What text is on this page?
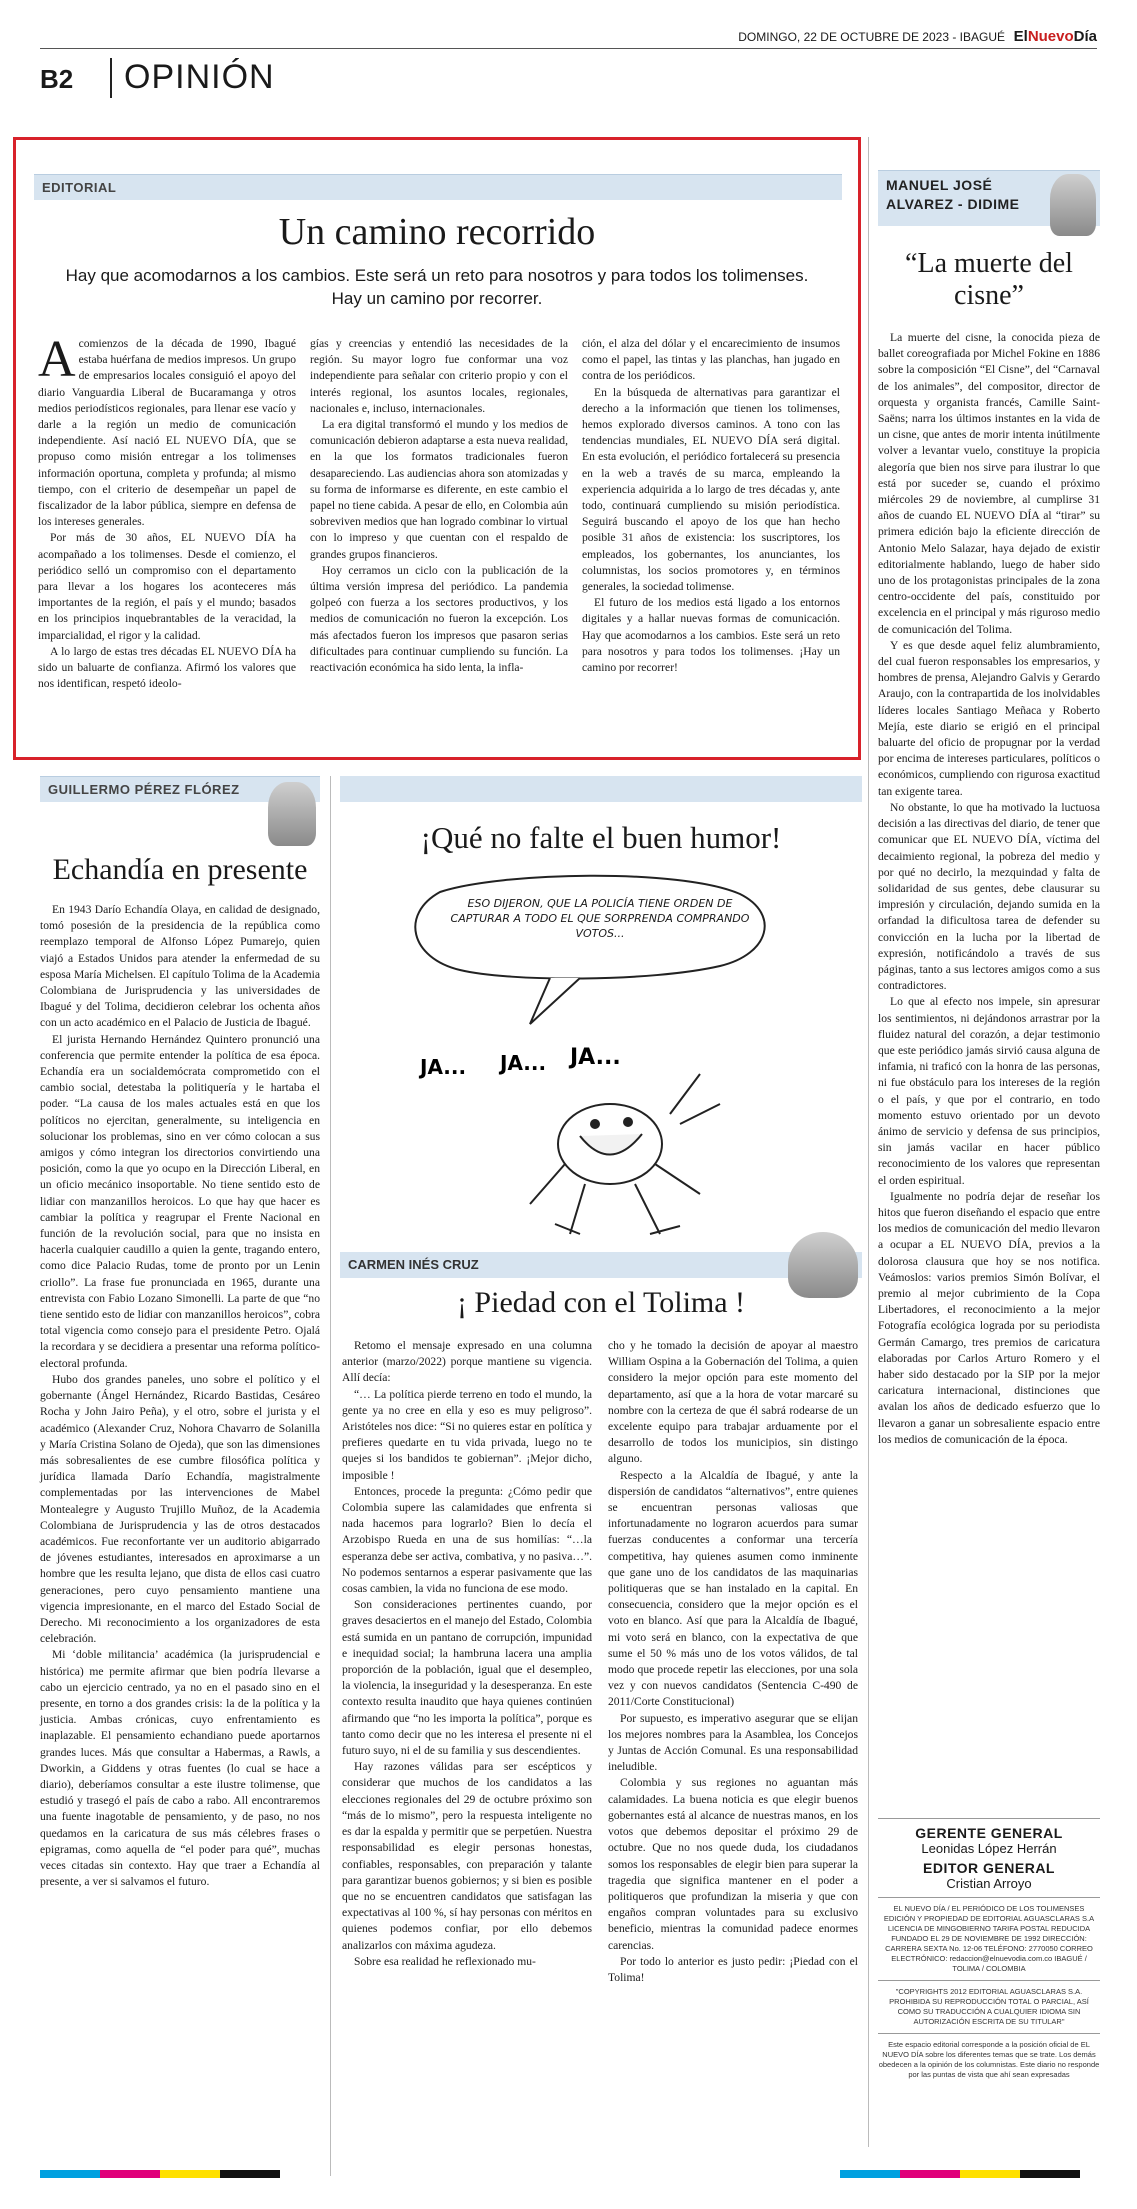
DOMINGO, 22 DE OCTUBRE DE 2023 - IBAGUÉ ElNuevoDía
B2 OPINIÓN
EDITORIAL
Un camino recorrido
Hay que acomodarnos a los cambios. Este será un reto para nosotros y para todos los tolimenses. Hay un camino por recorrer.
A comienzos de la década de 1990, Ibagué estaba huérfana de medios impresos. Un grupo de empresarios locales consiguió el apoyo del diario Vanguardia Liberal de Bucaramanga y otros medios periodísticos regionales, para llenar ese vacío y darle a la región un medio de comunicación independiente. Así nació EL NUEVO DÍA, que se propuso como misión entregar a los tolimenses información oportuna, completa y profunda; al mismo tiempo, con el criterio de desempeñar un papel de fiscalizador de la labor pública, siempre en defensa de los intereses generales.

Por más de 30 años, EL NUEVO DÍA ha acompañado a los tolimenses. Desde el comienzo, el periódico selló un compromiso con el departamento para llevar a los hogares los aconteceres más importantes de la región, el país y el mundo; basados en los principios inquebrantables de la veracidad, la imparcialidad, el rigor y la calidad.

A lo largo de estas tres décadas EL NUEVO DÍA ha sido un baluarte de confianza. Afirmó los valores que nos identifican, respetó ideolo-

gías y creencias y entendió las necesidades de la región. Su mayor logro fue conformar una voz independiente para señalar con criterio propio y con el interés regional, los asuntos locales, regionales, nacionales e, incluso, internacionales.

La era digital transformó el mundo y los medios de comunicación debieron adaptarse a esta nueva realidad, en la que los formatos tradicionales fueron desapareciendo. Las audiencias ahora son atomizadas y su forma de informarse es diferente, en este cambio el papel no tiene cabida. A pesar de ello, en Colombia aún sobreviven medios que han logrado combinar lo virtual con lo impreso y que cuentan con el respaldo de grandes grupos financieros.

Hoy cerramos un ciclo con la publicación de la última versión impresa del periódico. La pandemia golpeó con fuerza a los sectores productivos, y los medios de comunicación no fueron la excepción. Los más afectados fueron los impresos que pasaron serias dificultades para continuar cumpliendo su función. La reactivación económica ha sido lenta, la infla-

ción, el alza del dólar y el encarecimiento de insumos como el papel, las tintas y las planchas, han jugado en contra de los periódicos.

En la búsqueda de alternativas para garantizar el derecho a la información que tienen los tolimenses, hemos explorado diversos caminos. A tono con las tendencias mundiales, EL NUEVO DÍA será digital. En esta evolución, el periódico fortalecerá su presencia en la web a través de su marca, empleando la experiencia adquirida a lo largo de tres décadas y, ante todo, continuará cumpliendo su misión periodística. Seguirá buscando el apoyo de los que han hecho posible 31 años de existencia: los suscriptores, los empleados, los gobernantes, los anunciantes, los columnistas, los socios promotores y, en términos generales, la sociedad tolimense.

El futuro de los medios está ligado a los entornos digitales y a hallar nuevas formas de comunicación. Hay que acomodarnos a los cambios. Este será un reto para nosotros y para todos los tolimenses. ¡Hay un camino por recorrer!

MANUEL JOSÉ
ALVAREZ - DIDIME
“La muerte del cisne”

La muerte del cisne, la conocida pieza de ballet coreografiada por Michel Fokine en 1886 sobre la composición “El Cisne”, del “Carnaval de los animales”, del compositor, director de orquesta y organista francés, Camille Saint-Saëns; narra los últimos instantes en la vida de un cisne, que antes de morir intenta inútilmente volver a levantar vuelo, constituye la propicia alegoría que bien nos sirve para ilustrar lo que está por suceder se, cuando el próximo miércoles 29 de noviembre, al cumplirse 31 años de cuando EL NUEVO DÍA al “tirar” su primera edición bajo la eficiente dirección de Antonio Melo Salazar, haya dejado de existir editorialmente hablando, luego de haber sido uno de los protagonistas principales de la zona centro-occidente del país, constituido por excelencia en el principal y más riguroso medio de comunicación del Tolima.

Y es que desde aquel feliz alumbramiento, del cual fueron responsables los empresarios, y hombres de prensa, Alejandro Galvis y Gerardo Araujo, con la contrapartida de los inolvidables líderes locales Santiago Meñaca y Roberto Mejía, este diario se erigió en el principal baluarte del oficio de propugnar por la verdad por encima de intereses particulares, políticos o económicos, cumpliendo con rigurosa exactitud tan exigente tarea.

No obstante, lo que ha motivado la luctuosa decisión a las directivas del diario, de tener que comunicar que EL NUEVO DÍA, víctima del decaimiento regional, la pobreza del medio y por qué no decirlo, la mezquindad y falta de solidaridad de sus gentes, debe clausurar su impresión y circulación, dejando sumida en la orfandad la dificultosa tarea de defender su convicción en la lucha por la libertad de expresión, notificándolo a través de sus páginas, tanto a sus lectores amigos como a sus contradictores.

Lo que al efecto nos impele, sin apresurar los sentimientos, ni dejándonos arrastrar por la fluidez natural del corazón, a dejar testimonio que este periódico jamás sirvió causa alguna de infamia, ni traficó con la honra de las personas, ni fue obstáculo para los intereses de la región o el país, y que por el contrario, en todo momento estuvo orientado por un devoto ánimo de servicio y defensa de sus principios, sin jamás vacilar en hacer público reconocimiento de los valores que representan el orden espiritual.

Igualmente no podría dejar de reseñar los hitos que fueron diseñando el espacio que entre los medios de comunicación del medio llevaron a ocupar a EL NUEVO DÍA, previos a la dolorosa clausura que hoy se nos notifica. Veámoslos: varios premios Simón Bolívar, el premio al mejor cubrimiento de la Copa Libertadores, el reconocimiento a la mejor Fotografía ecológica lograda por su periodista Germán Camargo, tres premios de caricatura elaboradas por Carlos Arturo Romero y el haber sido destacado por la SIP por la mejor caricatura internacional, distinciones que avalan los años de dedicado esfuerzo que lo llevaron a ganar un sobresaliente espacio entre los medios de comunicación de la época.

GERENTE GENERAL
Leonidas López Herrán
EDITOR GENERAL
Cristian Arroyo
EL NUEVO DÍA / EL PERIÓDICO DE LOS TOLIMENSES EDICIÓN Y PROPIEDAD DE EDITORIAL AGUASCLARAS S.A LICENCIA DE MINGOBIERNO TARIFA POSTAL REDUCIDA FUNDADO EL 29 DE NOVIEMBRE DE 1992 DIRECCIÓN: CARRERA SEXTA No. 12-06 TELÉFONO: 2770050 CORREO ELECTRÓNICO: redaccion@elnuevodia.com.co IBAGUÉ / TOLIMA / COLOMBIA
"COPYRIGHTS 2012 EDITORIAL AGUASCLARAS S.A. PROHIBIDA SU REPRODUCCIÓN TOTAL O PARCIAL, ASÍ COMO SU TRADUCCIÓN A CUALQUIER IDIOMA SIN AUTORIZACIÓN ESCRITA DE SU TITULAR"
Este espacio editorial corresponde a la posición oficial de EL NUEVO DÍA sobre los diferentes temas que se trate. Los demás obedecen a la opinión de los columnistas. Este diario no responde por las puntas de vista que ahí sean expresadas
GUILLERMO PÉREZ FLÓREZ
Echandía en presente

En 1943 Darío Echandía Olaya, en calidad de designado, tomó posesión de la presidencia de la república como reemplazo temporal de Alfonso López Pumarejo, quien viajó a Estados Unidos para atender la enfermedad de su esposa María Michelsen. El capítulo Tolima de la Academia Colombiana de Jurisprudencia y las universidades de Ibagué y del Tolima, decidieron celebrar los ochenta años con un acto académico en el Palacio de Justicia de Ibagué.

El jurista Hernando Hernández Quintero pronunció una conferencia que permite entender la política de esa época. Echandía era un socialdemócrata comprometido con el cambio social, detestaba la politiquería y le hartaba el poder. “La causa de los males actuales está en que los políticos no ejercitan, generalmente, su inteligencia en solucionar los problemas, sino en ver cómo colocan a sus amigos y cómo integran los directorios convirtiendo una posición, como la que yo ocupo en la Dirección Liberal, en un oficio mecánico insoportable. No tiene sentido esto de lidiar con manzanillos heroicos. Lo que hay que hacer es cambiar la política y reagrupar el Frente Nacional en función de la revolución social, para que no insista en hacerla cualquier caudillo a quien la gente, tragando entero, como dice Palacio Rudas, tome de pronto por un Lenin criollo”. La frase fue pronunciada en 1965, durante una entrevista con Fabio Lozano Simonelli. La parte de que “no tiene sentido esto de lidiar con manzanillos heroicos”, cobra total vigencia como consejo para el presidente Petro. Ojalá la recordara y se decidiera a presentar una reforma político-electoral profunda.

Hubo dos grandes paneles, uno sobre el político y el gobernante (Ángel Hernández, Ricardo Bastidas, Cesáreo Rocha y John Jairo Peña), y el otro, sobre el jurista y el académico (Alexander Cruz, Nohora Chavarro de Solanilla y María Cristina Solano de Ojeda), que son las dimensiones más sobresalientes de ese cumbre filosófica política y jurídica llamada Darío Echandía, magistralmente complementadas por las intervenciones de Mabel Montealegre y Augusto Trujillo Muñoz, de la Academia Colombiana de Jurisprudencia y las de otros destacados académicos. Fue reconfortante ver un auditorio abigarrado de jóvenes estudiantes, interesados en aproximarse a un hombre que les resulta lejano, que dista de ellos casi cuatro generaciones, pero cuyo pensamiento mantiene una vigencia impresionante, en el marco del Estado Social de Derecho. Mi reconocimiento a los organizadores de esta celebración.

Mi ‘doble militancia’ académica (la jurisprudencial e histórica) me permite afirmar que bien podría llevarse a cabo un ejercicio centrado, ya no en el pasado sino en el presente, en torno a dos grandes crisis: la de la política y la justicia. Ambas crónicas, cuyo enfrentamiento es inaplazable. El pensamiento echandiano puede aportarnos grandes luces. Más que consultar a Habermas, a Rawls, a Dworkin, a Giddens y otras fuentes (lo cual se hace a diario), deberíamos consultar a este ilustre tolimense, que estudió y trasegó el país de cabo a rabo. All encontraremos una fuente inagotable de pensamiento, y de paso, no nos quedamos en la caricatura de sus más célebres frases o epigramas, como aquella de “el poder para qué”, muchas veces citadas sin contexto. Hay que traer a Echandía al presente, a ver si salvamos el futuro.

¡Qué no falte el buen humor!
ESO DIJERON, QUE LA POLICÍA TIENE ORDEN DE CAPTURAR A TODO EL QUE SORPRENDA COMPRANDO VOTOS...
JA... JA... JA...
CARMEN INÉS CRUZ
¡ Piedad con el Tolima !

Retomo el mensaje expresado en una columna anterior (marzo/2022) porque mantiene su vigencia. Allí decía:

“… La política pierde terreno en todo el mundo, la gente ya no cree en ella y eso es muy peligroso”. Aristóteles nos dice: “Si no quieres estar en política y prefieres quedarte en tu vida privada, luego no te quejes si los bandidos te gobiernan”. ¡Mejor dicho, imposible !

Entonces, procede la pregunta: ¿Cómo pedir que Colombia supere las calamidades que enfrenta si nada hacemos para lograrlo? Bien lo decía el Arzobispo Rueda en una de sus homilías: “…la esperanza debe ser activa, combativa, y no pasiva…”. No podemos sentarnos a esperar pasivamente que las cosas cambien, la vida no funciona de ese modo.

Son consideraciones pertinentes cuando, por graves desaciertos en el manejo del Estado, Colombia está sumida en un pantano de corrupción, impunidad e inequidad social; la hambruna lacera una amplia proporción de la población, igual que el desempleo, la violencia, la inseguridad y la desesperanza. En este contexto resulta inaudito que haya quienes continúen afirmando que “no les importa la política”, porque es tanto como decir que no les interesa el presente ni el futuro suyo, ni el de su familia y sus descendientes.

Hay razones válidas para ser escépticos y considerar que muchos de los candidatos a las elecciones regionales del 29 de octubre próximo son “más de lo mismo”, pero la respuesta inteligente no es dar la espalda y permitir que se perpetúen. Nuestra responsabilidad es elegir personas honestas, confiables, responsables, con preparación y talante para garantizar buenos gobiernos; y si bien es posible que no se encuentren candidatos que satisfagan las expectativas al 100 %, sí hay personas con méritos en quienes podemos confiar, por ello debemos analizarlos con máxima agudeza.

Sobre esa realidad he reflexionado mu-

cho y he tomado la decisión de apoyar al maestro William Ospina a la Gobernación del Tolima, a quien considero la mejor opción para este momento del departamento, así que a la hora de votar marcaré su nombre con la certeza de que él sabrá rodearse de un excelente equipo para trabajar arduamente por el desarrollo de todos los municipios, sin distingo alguno.

Respecto a la Alcaldía de Ibagué, y ante la dispersión de candidatos “alternativos”, entre quienes se encuentran personas valiosas que infortunadamente no lograron acuerdos para sumar fuerzas conducentes a conformar una tercería competitiva, hay quienes asumen como inminente que gane uno de los candidatos de las maquinarias politiqueras que se han instalado en la capital. En consecuencia, considero que la mejor opción es el voto en blanco. Así que para la Alcaldía de Ibagué, mi voto será en blanco, con la expectativa de que sume el 50 % más uno de los votos válidos, de tal modo que procede repetir las elecciones, por una sola vez y con nuevos candidatos (Sentencia C-490 de 2011/Corte Constitucional)

Por supuesto, es imperativo asegurar que se elijan los mejores nombres para la Asamblea, los Concejos y Juntas de Acción Comunal. Es una responsabilidad ineludible.

Colombia y sus regiones no aguantan más calamidades. La buena noticia es que elegir buenos gobernantes está al alcance de nuestras manos, en los votos que debemos depositar el próximo 29 de octubre. Que no nos quede duda, los ciudadanos somos los responsables de elegir bien para superar la tragedia que significa mantener en el poder a politiqueros que profundizan la miseria y que con engaños compran voluntades para su exclusivo beneficio, mientras la comunidad padece enormes carencias.

Por todo lo anterior es justo pedir: ¡Piedad con el Tolima!
